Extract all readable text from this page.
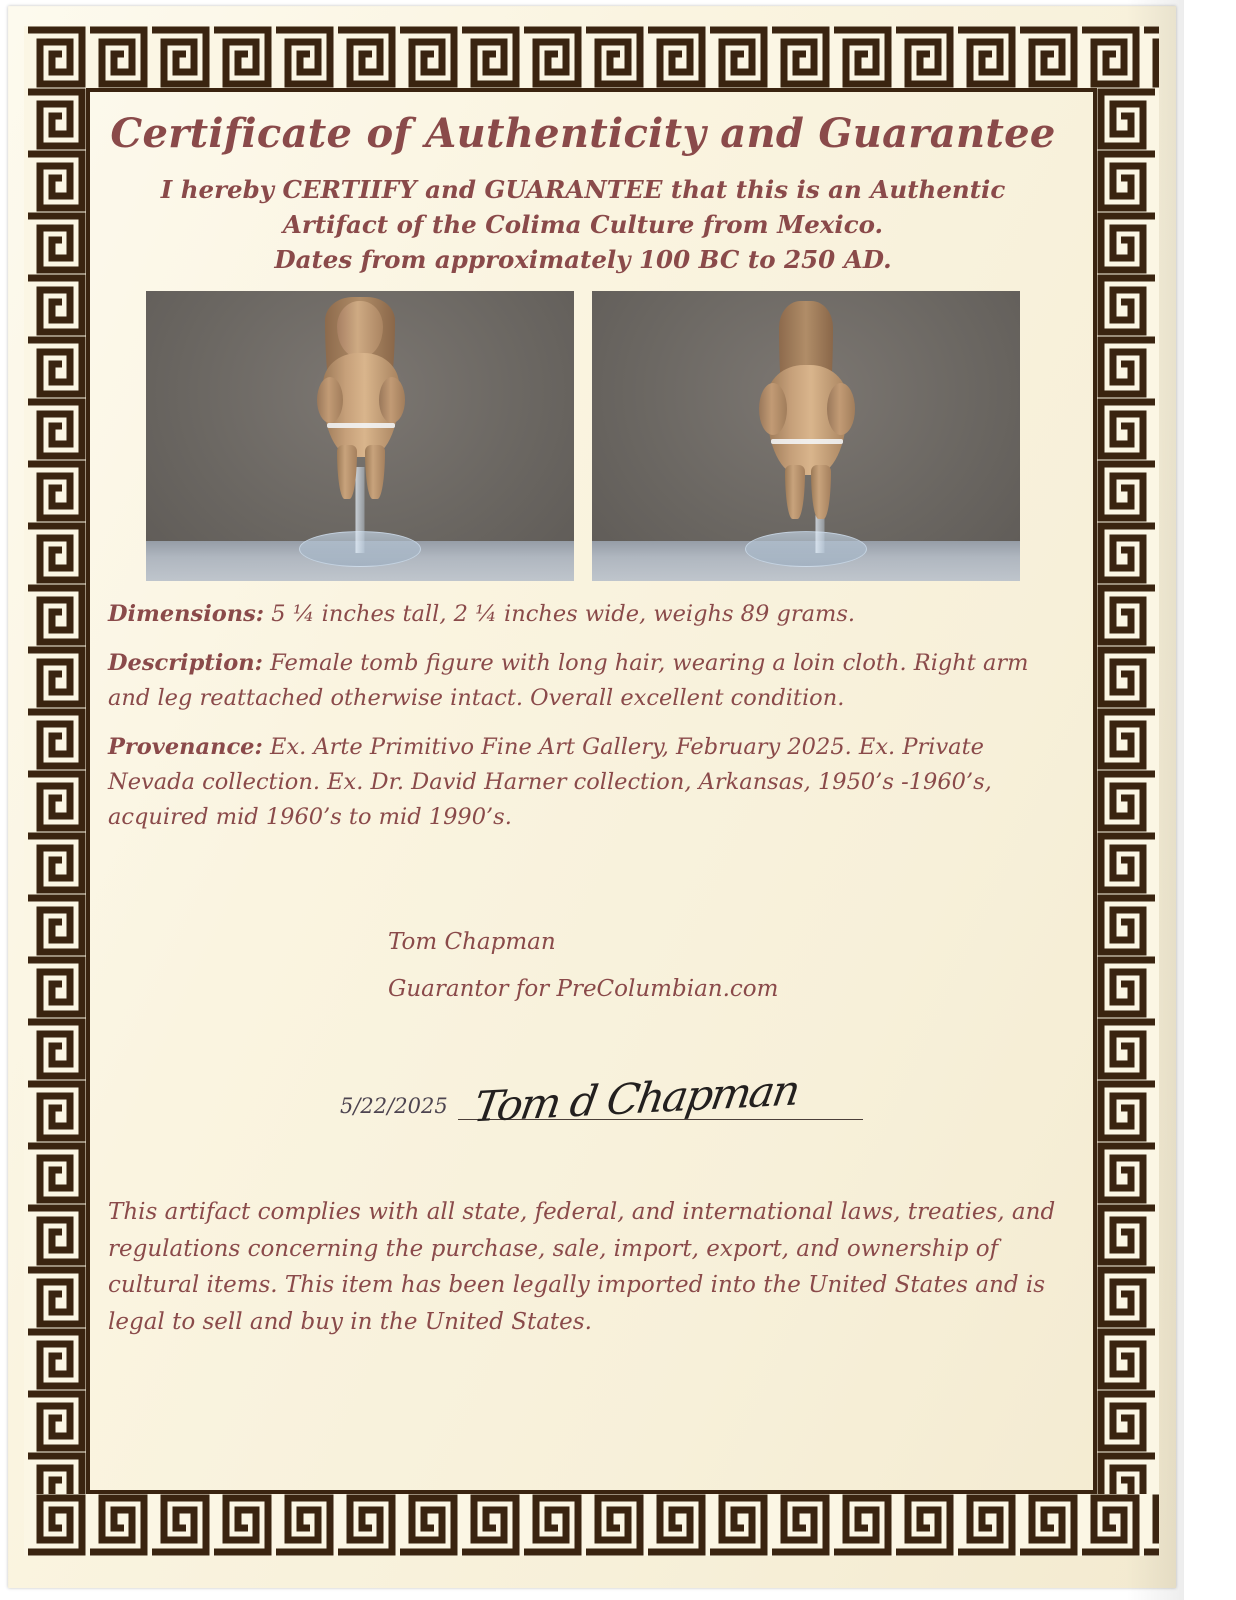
Certificate of Authenticity and Guarantee
I hereby CERTIIFY and GUARANTEE that this is an Authentic
Artifact of the Colima Culture from Mexico.
Dates from approximately 100 BC to 250 AD.

Dimensions: 5 ¼ inches tall, 2 ¼ inches wide, weighs 89 grams.

Description: Female tomb figure with long hair, wearing a loin cloth. Right arm and leg reattached otherwise intact. Overall excellent condition.

Provenance: Ex. Arte Primitivo Fine Art Gallery, February 2025. Ex. Private Nevada collection. Ex. Dr. David Harner collection, Arkansas, 1950’s -1960’s, acquired mid 1960’s to mid 1990’s.

Tom Chapman
Guarantor for PreColumbian.com
5/22/2025 Tom d Chapman

This artifact complies with all state, federal, and international laws, treaties, and regulations concerning the purchase, sale, import, export, and ownership of cultural items. This item has been legally imported into the United States and is legal to sell and buy in the United States.
